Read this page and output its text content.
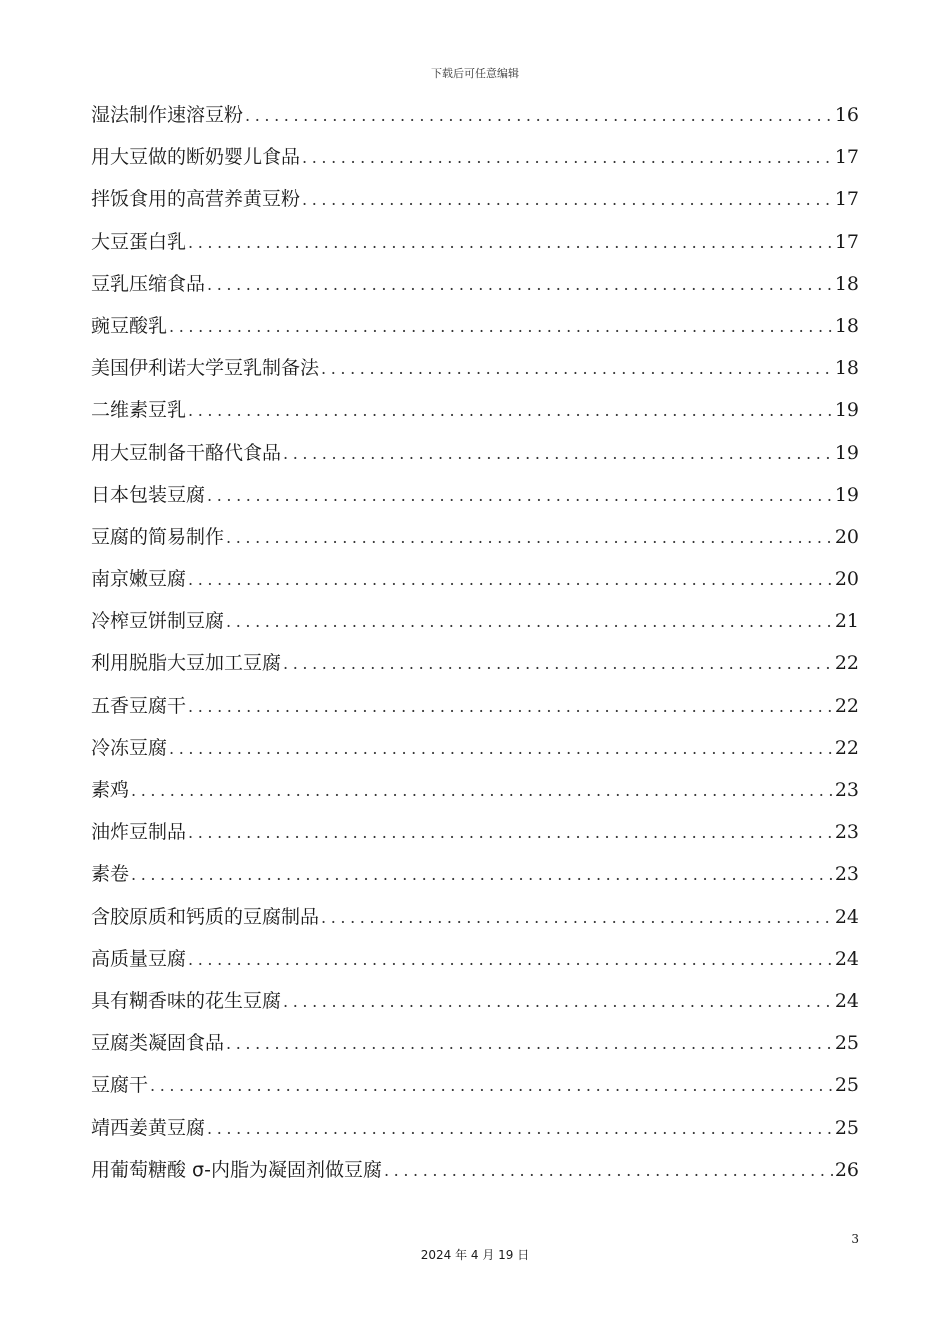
下载后可任意编辑
湿法制作速溶豆粉 .....	16
用大豆做的断奶婴儿食品 .....	17
拌饭食用的高营养黄豆粉 .....	17
大豆蛋白乳 .....	17
豆乳压缩食品 .....	18
豌豆酸乳 .....	18
美国伊利诺大学豆乳制备法 .....	18
二维素豆乳 .....	19
用大豆制备干酪代食品 .....	19
日本包装豆腐 .....	19
豆腐的简易制作 .....	20
南京嫩豆腐 .....	20
冷榨豆饼制豆腐 .....	21
利用脱脂大豆加工豆腐 .....	22
五香豆腐干 .....	22
冷冻豆腐 .....	22
素鸡 .....	23
油炸豆制品 .....	23
素卷 .....	23
含胶原质和钙质的豆腐制品 .....	24
高质量豆腐 .....	24
具有糊香味的花生豆腐 .....	24
豆腐类凝固食品 .....	25
豆腐干 .....	25
靖西姜黄豆腐 .....	25
用葡萄糖酸 σ-内脂为凝固剂做豆腐 .....	26
3
2024 年 4 月 19 日
